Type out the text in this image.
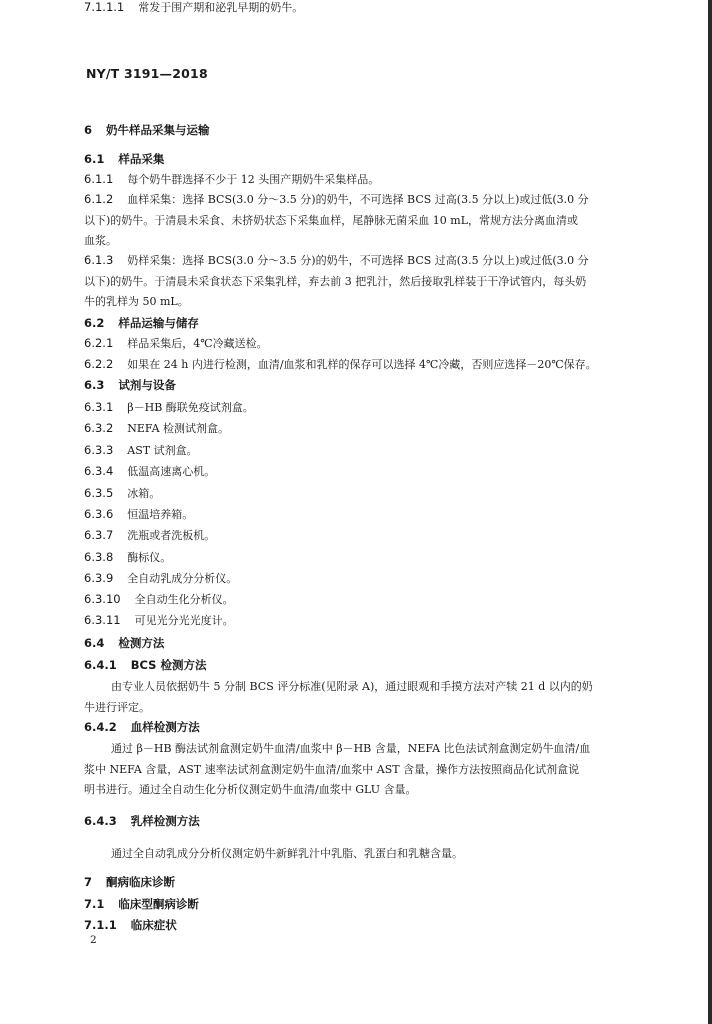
NY/T 3191—2018
6 奶牛样品采集与运输
6.1 样品采集
6.1.1 每个奶牛群选择不少于 12 头围产期奶牛采集样品。
6.1.2 血样采集：选择 BCS(3.0 分～3.5 分)的奶牛，不可选择 BCS 过高(3.5 分以上)或过低(3.0 分
以下)的奶牛。于清晨未采食、未挤奶状态下采集血样，尾静脉无菌采血 10 mL，常规方法分离血清或
血浆。
6.1.3 奶样采集：选择 BCS(3.0 分～3.5 分)的奶牛，不可选择 BCS 过高(3.5 分以上)或过低(3.0 分
以下)的奶牛。于清晨未采食状态下采集乳样，弃去前 3 把乳汁，然后接取乳样装于干净试管内，每头奶
牛的乳样为 50 mL。
6.2 样品运输与储存
6.2.1 样品采集后，4℃冷藏送检。
6.2.2 如果在 24 h 内进行检测，血清/血浆和乳样的保存可以选择 4℃冷藏，否则应选择－20℃保存。
6.3 试剂与设备
6.3.1 β－HB 酶联免疫试剂盒。
6.3.2 NEFA 检测试剂盒。
6.3.3 AST 试剂盒。
6.3.4 低温高速离心机。
6.3.5 冰箱。
6.3.6 恒温培养箱。
6.3.7 洗瓶或者洗板机。
6.3.8 酶标仪。
6.3.9 全自动乳成分分析仪。
6.3.10 全自动生化分析仪。
6.3.11 可见光分光光度计。
6.4 检测方法
6.4.1 BCS 检测方法
由专业人员依据奶牛 5 分制 BCS 评分标准(见附录 A)，通过眼观和手摸方法对产犊 21 d 以内的奶
牛进行评定。
6.4.2 血样检测方法
通过 β－HB 酶法试剂盒测定奶牛血清/血浆中 β－HB 含量，NEFA 比色法试剂盒测定奶牛血清/血
浆中 NEFA 含量，AST 速率法试剂盒测定奶牛血清/血浆中 AST 含量，操作方法按照商品化试剂盒说
明书进行。通过全自动生化分析仪测定奶牛血清/血浆中 GLU 含量。
6.4.3 乳样检测方法
通过全自动乳成分分析仪测定奶牛新鲜乳汁中乳脂、乳蛋白和乳糖含量。
7 酮病临床诊断
7.1 临床型酮病诊断
7.1.1 临床症状
7.1.1.1 常发于围产期和泌乳早期的奶牛。
2
